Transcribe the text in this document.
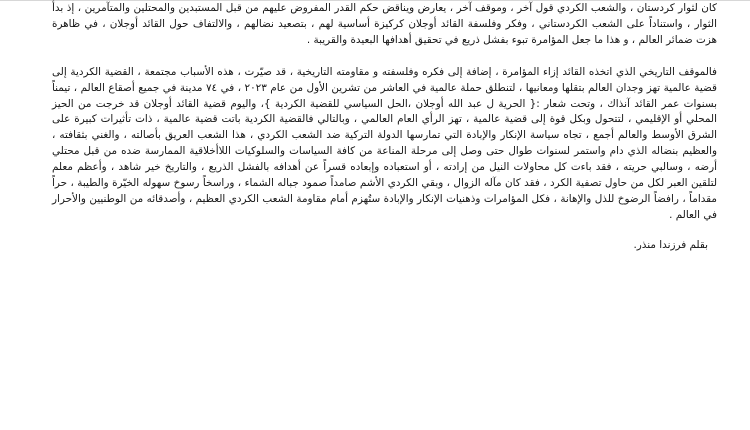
كان لثوار كردستان ، والشعب الكردي قول آخر ، وموقف آخر ، يعارض ويناقض حكم القدر المفروض عليهم من قبل المستبدين والمحتلين والمتآمرين ، إذ بدأ الثوار ، واستناداً على الشعب الكردستاني ، وفكر وفلسفة القائد أوجلان كركيزة أساسية لهم ، بتصعيد نضالهم ، والالتفاف حول القائد أوجلان ، في ظاهرة هزت ضمائر العالم ، و هذا ما جعل المؤامرة تبوء بفشل ذريع في تحقيق أهدافها البعيدة والقريبة .

فالموقف التاريخي الذي اتخذه القائد إزاء المؤامرة ، إضافة إلى فكره وفلسفته و مقاومته التاريخية ، قد صيّرت ، هذه الأسباب مجتمعة ، القضية الكردية إلى قضية عالمية تهز وجدان العالم بتقلها ومعانيها ، لتنطلق حملة عالمية في العاشر من تشرين الأول من عام ٢٠٢٣ ، في ٧٤ مدينة في جميع أصقاع العالم ، تيمناً بسنوات عمر القائد آنذاك ، وتحت شعار :{ الحرية ل عبد الله أوجلان ،الحل السياسي للقضية الكردية }، واليوم قضية القائد أوجلان قد خرجت من الحيز المحلي أو الإقليمي ، لتتحول وبكل قوة إلى قضية عالمية ، تهز الرأي العام العالمي ، وبالتالي فالقضية الكردية باتت قضية عالمية ، ذات تأثيرات كبيرة على الشرق الأوسط والعالم أجمع ، تجاه سياسة الإنكار والإبادة التي تمارسها الدولة التركية ضد الشعب الكردي ، هذا الشعب العريق بأصالته ، والغني بثقافته ، والعظيم بنضاله الذي دام واستمر لسنوات طوال حتى وصل إلى مرحلة المناعة من كافة السياسات والسلوكيات اللاأخلاقية الممارسة ضده من قبل محتلي أرضه ، وسالبي حريته ، فقد باءت كل محاولات النيل من إرادته ، أو استعباده وإبعاده قسراً عن أهدافه بالفشل الذريع ، والتاريخ خير شاهد ، وأعظم معلم لتلقين العبر لكل من حاول تصفية الكرد ، فقد كان مآله الزوال ، وبقي الكردي الأشم صامداً صمود جباله الشماء ، وراسخاً رسوخ سهوله الخيّرة والطيبة ، حراً مقداماً ، رافضاً الرضوخ للذل والإهانة ، فكل المؤامرات وذهنيات الإنكار والإبادة ستُهزم أمام مقاومة الشعب الكردي العظيم ، وأصدقائه من الوطنيين والأحرار في العالم .

بقلم فرزندا منذر.
